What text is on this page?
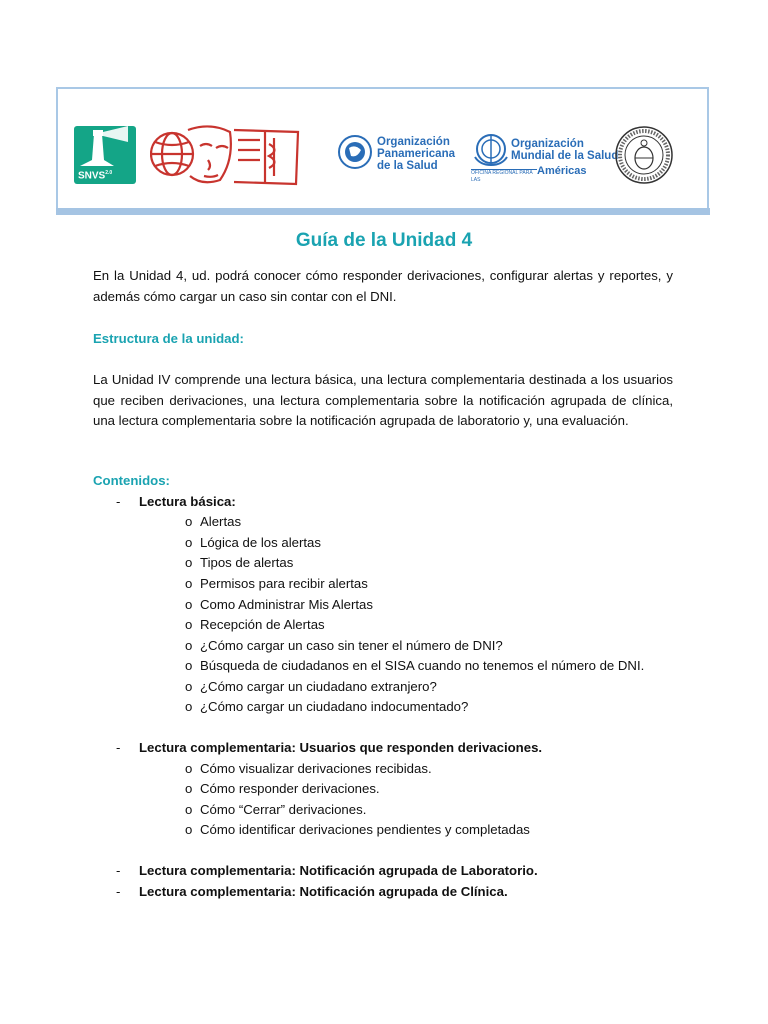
$SNVS^{2.0}$
Organización
Panamericana
de la Salud
Organización
Mundial de la Salud
OFICINA REGIONAL PARA LAS
Américas
Guía de la Unidad 4

En la Unidad 4, ud. podrá conocer cómo responder derivaciones, configurar alertas y reportes, y además cómo cargar un caso sin contar con el DNI.

Estructura de la unidad:

La Unidad IV comprende una lectura básica, una lectura complementaria destinada a los usuarios que reciben derivaciones, una lectura complementaria sobre la notificación agrupada de clínica, una lectura complementaria sobre la notificación agrupada de laboratorio y, una evaluación.

Contenidos:

- Lectura básica:
o Alertas
o Lógica de los alertas
o Tipos de alertas
o Permisos para recibir alertas
o Como Administrar Mis Alertas
o Recepción de Alertas
o ¿Cómo cargar un caso sin tener el número de DNI?
o Búsqueda de ciudadanos en el SISA cuando no tenemos el número de DNI.
o ¿Cómo cargar un ciudadano extranjero?
o ¿Cómo cargar un ciudadano indocumentado?
- Lectura complementaria: Usuarios que responden derivaciones.
o Cómo visualizar derivaciones recibidas.
o Cómo responder derivaciones.
o Cómo “Cerrar” derivaciones.
o Cómo identificar derivaciones pendientes y completadas
- Lectura complementaria: Notificación agrupada de Laboratorio.
- Lectura complementaria: Notificación agrupada de Clínica.
